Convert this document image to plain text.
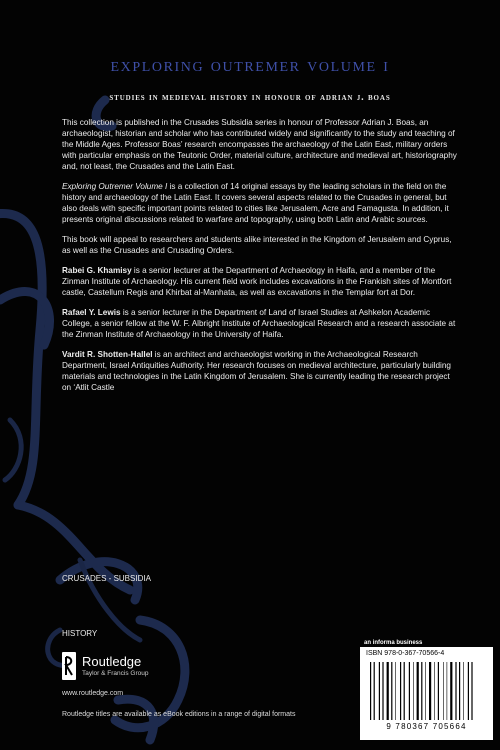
exploring outremer volume i
studies in medieval history in honour of adrian j. boas

This collection is published in the Crusades Subsidia series in honour of Professor Adrian J. Boas, an archaeologist, historian and scholar who has contributed widely and significantly to the study and teaching of the Middle Ages. Professor Boas’ research encompasses the archaeology of the Latin East, military orders with particular emphasis on the Teutonic Order, material culture, architecture and medieval art, historiography and, not least, the Crusades and the Latin East.

Exploring Outremer Volume I is a collection of 14 original essays by the leading scholars in the field on the history and archaeology of the Latin East. It covers several aspects related to the Crusades in general, but also deals with specific important points related to cities like Jerusalem, Acre and Famagusta. In addition, it presents original discussions related to warfare and topography, using both Latin and Arabic sources.

This book will appeal to researchers and students alike interested in the Kingdom of Jerusalem and Cyprus, as well as the Crusades and Crusading Orders.

Rabei G. Khamisy is a senior lecturer at the Department of Archaeology in Haifa, and a member of the Zinman Institute of Archaeology. His current field work includes excavations in the Frankish sites of Montfort castle, Castellum Regis and Khirbat al-Manhata, as well as excavations in the Templar fort at Dor.

Rafael Y. Lewis is a senior lecturer in the Department of Land of Israel Studies at Ashkelon Academic College, a senior fellow at the W. F. Albright Institute of Archaeological Research and a research associate at the Zinman Institute of Archaeology in the University of Haifa.

Vardit R. Shotten-Hallel is an architect and archaeologist working in the Archaeological Research Department, Israel Antiquities Authority. Her research focuses on medieval architecture, particularly building materials and technologies in the Latin Kingdom of Jerusalem. She is currently leading the research project on ‘Atlit Castle

CRUSADES - SUBSIDIA
HISTORY
Routledge
Taylor & Francis Group
www.routledge.com
Routledge titles are available as eBook editions in a range of digital formats
an informa business
ISBN 978-0-367-70566-4
9 780367 705664
